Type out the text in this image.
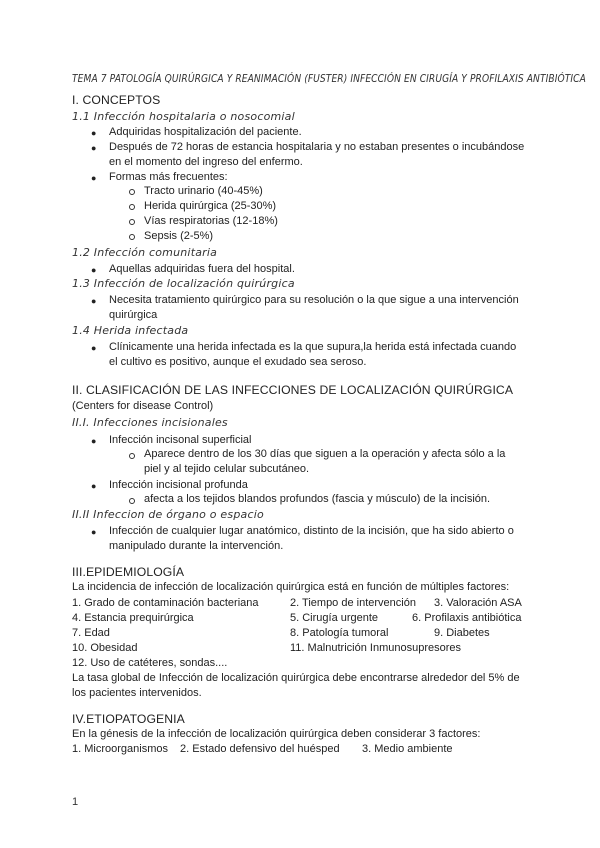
TEMA 7 PATOLOGÍA QUIRÚRGICA Y REANIMACIÓN (FUSTER) INFECCIÓN EN CIRUGÍA Y PROFILAXIS ANTIBIÓTICA
I. CONCEPTOS
1.1 Infección hospitalaria o nosocomial
● Adquiridas hospitalización del paciente.
● Después de 72 horas de estancia hospitalaria y no estaban presentes o incubándose
en el momento del ingreso del enfermo.
● Formas más frecuentes:
Tracto urinario (40-45%)
Herida quirúrgica (25-30%)
Vías respiratorias (12-18%)
Sepsis (2-5%)
1.2 Infección comunitaria
● Aquellas adquiridas fuera del hospital.
1.3 Infección de localización quirúrgica
● Necesita tratamiento quirúrgico para su resolución o la que sigue a una intervención
quirúrgica
1.4 Herida infectada
● Clínicamente una herida infectada es la que supura,la herida está infectada cuando
el cultivo es positivo, aunque el exudado sea seroso.
II. CLASIFICACIÓN DE LAS INFECCIONES DE LOCALIZACIÓN QUIRÚRGICA
(Centers for disease Control)
II.I. Infecciones incisionales
● Infección incisonal superficial
Aparece dentro de los 30 días que siguen a la operación y afecta sólo a la
piel y al tejido celular subcutáneo.
● Infección incisional profunda
afecta a los tejidos blandos profundos (fascia y músculo) de la incisión.
II.II Infeccion de órgano o espacio
● Infección de cualquier lugar anatómico, distinto de la incisión, que ha sido abierto o
manipulado durante la intervención.
III.EPIDEMIOLOGÍA
La incidencia de infección de localización quirúrgica está en función de múltiples factores:
1. Grado de contaminación bacteriana	2. Tiempo de intervención 3. Valoración ASA
4. Estancia prequirúrgica	5. Cirugía urgente	6. Profilaxis antibiótica
7. Edad	8. Patología tumoral	9. Diabetes
10. Obesidad	11. Malnutrición Inmunosupresores
12. Uso de catéteres, sondas....
La tasa global de Infección de localización quirúrgica debe encontrarse alrededor del 5% de
los pacientes intervenidos.
IV.ETIOPATOGENIA
En la génesis de la infección de localización quirúrgica deben considerar 3 factores:
1. Microorganismos 2. Estado defensivo del huésped 3. Medio ambiente
1
